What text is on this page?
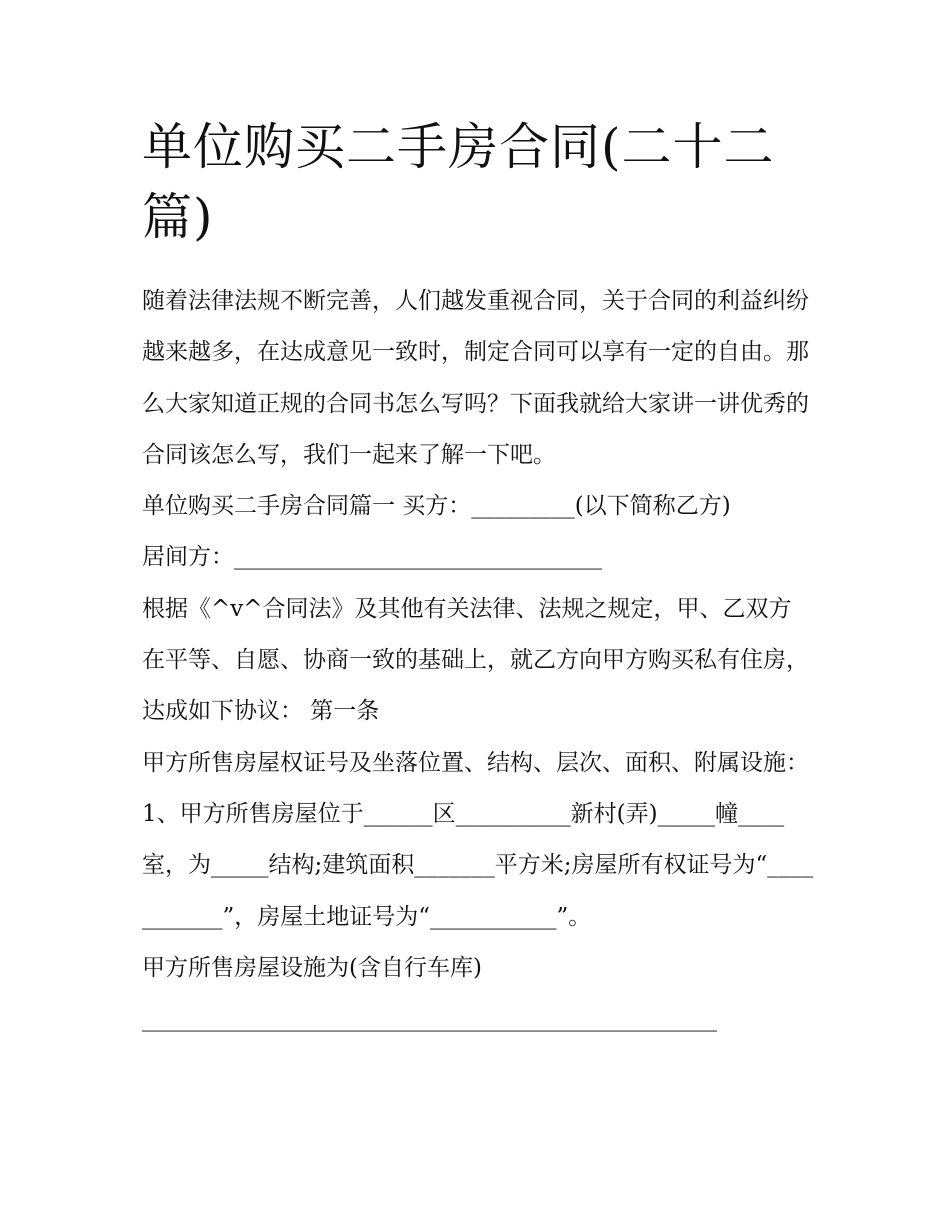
单位购买二手房合同(二十二篇)

随着法律法规不断完善，人们越发重视合同，关于合同的利益纠纷越来越多，在达成意见一致时，制定合同可以享有一定的自由。那么大家知道正规的合同书怎么写吗？下面我就给大家讲一讲优秀的合同该怎么写，我们一起来了解一下吧。

单位购买二手房合同篇一 买方：_________(以下简称乙方)

居间方：________________________________

根据《^v^合同法》及其他有关法律、法规之规定，甲、乙双方在平等、自愿、协商一致的基础上，就乙方向甲方购买私有住房，达成如下协议： 第一条

甲方所售房屋权证号及坐落位置、结构、层次、面积、附属设施：

1、甲方所售房屋位于______区__________新村(弄)_____幢____室，为_____结构;建筑面积_______平方米;房屋所有权证号为“___________”，房屋土地证号为“___________”。

甲方所售房屋设施为(含自行车库)

__________________________________________________
